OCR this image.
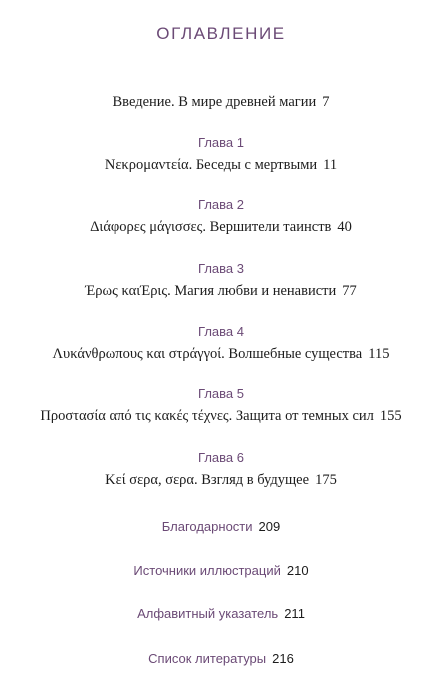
ОГЛАВЛЕНИЕ
Введение. В мире древней магии 7
Глава 1
Νεκρομαντεία. Беседы с мертвыми 11
Глава 2
Διάφορες μάγισσες. Вершители таинств 40
Глава 3
Έρως καιΈρις. Магия любви и ненависти 77
Глава 4
Λυκάνθρωπους και στράγγοί. Волшебные существа 115
Глава 5
Προστασία από τις κακές τέχνες. Защита от темных сил 155
Глава 6
Κεί σερα, σερα. Взгляд в будущее 175
Благодарности 209
Источники иллюстраций 210
Алфавитный указатель 211
Список литературы 216
